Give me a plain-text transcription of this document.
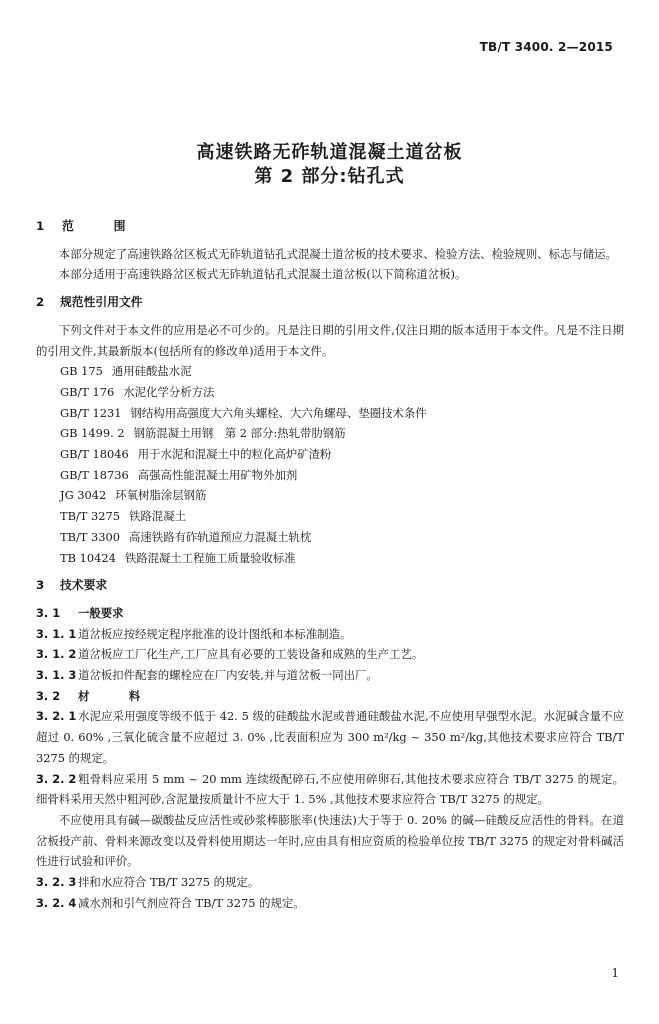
TB/T 3400. 2—2015
高速铁路无砟轨道混凝土道岔板
第 2 部分:钻孔式
1 范　围

本部分规定了高速铁路岔区板式无砟轨道钻孔式混凝土道岔板的技术要求、检验方法、检验规则、标志与储运。

本部分适用于高速铁路岔区板式无砟轨道钻孔式混凝土道岔板(以下简称道岔板)。

2 规范性引用文件

下列文件对于本文件的应用是必不可少的。凡是注日期的引用文件,仅注日期的版本适用于本文件。凡是不注日期的引用文件,其最新版本(包括所有的修改单)适用于本文件。

GB 175 通用硅酸盐水泥
GB/T 176 水泥化学分析方法
GB/T 1231 钢结构用高强度大六角头螺栓、大六角螺母、垫圈技术条件
GB 1499. 2 钢筋混凝土用钢　第 2 部分:热轧带肋钢筋
GB/T 18046 用于水泥和混凝土中的粒化高炉矿渣粉
GB/T 18736 高强高性能混凝土用矿物外加剂
JG 3042 环氧树脂涂层钢筋
TB/T 3275 铁路混凝土
TB/T 3300 高速铁路有砟轨道预应力混凝土轨枕
TB 10424 铁路混凝土工程施工质量验收标准
3 技术要求
3. 1 一般要求

3. 1. 1 道岔板应按经规定程序批准的设计图纸和本标准制造。

3. 1. 2 道岔板应工厂化生产,工厂应具有必要的工装设备和成熟的生产工艺。

3. 1. 3 道岔板扣件配套的螺栓应在厂内安装,并与道岔板一同出厂。

3. 2 材　料

3. 2. 1 水泥应采用强度等级不低于 42. 5 级的硅酸盐水泥或普通硅酸盐水泥,不应使用早强型水泥。水泥碱含量不应超过 0. 60% ,三氧化硫含量不应超过 3. 0% ,比表面积应为 300 m²/kg ~ 350 m²/kg,其他技术要求应符合 TB/T 3275 的规定。

3. 2. 2 粗骨料应采用 5 mm ~ 20 mm 连续级配碎石,不应使用碎卵石,其他技术要求应符合 TB/T 3275 的规定。细骨料采用天然中粗河砂,含泥量按质量计不应大于 1. 5% ,其他技术要求应符合 TB/T 3275 的规定。

不应使用具有碱—碳酸盐反应活性或砂浆棒膨胀率(快速法)大于等于 0. 20% 的碱—硅酸反应活性的骨料。在道岔板投产前、骨料来源改变以及骨料使用期达一年时,应由具有相应资质的检验单位按 TB/T 3275 的规定对骨料碱活性进行试验和评价。

3. 2. 3 拌和水应符合 TB/T 3275 的规定。

3. 2. 4 减水剂和引气剂应符合 TB/T 3275 的规定。

1
